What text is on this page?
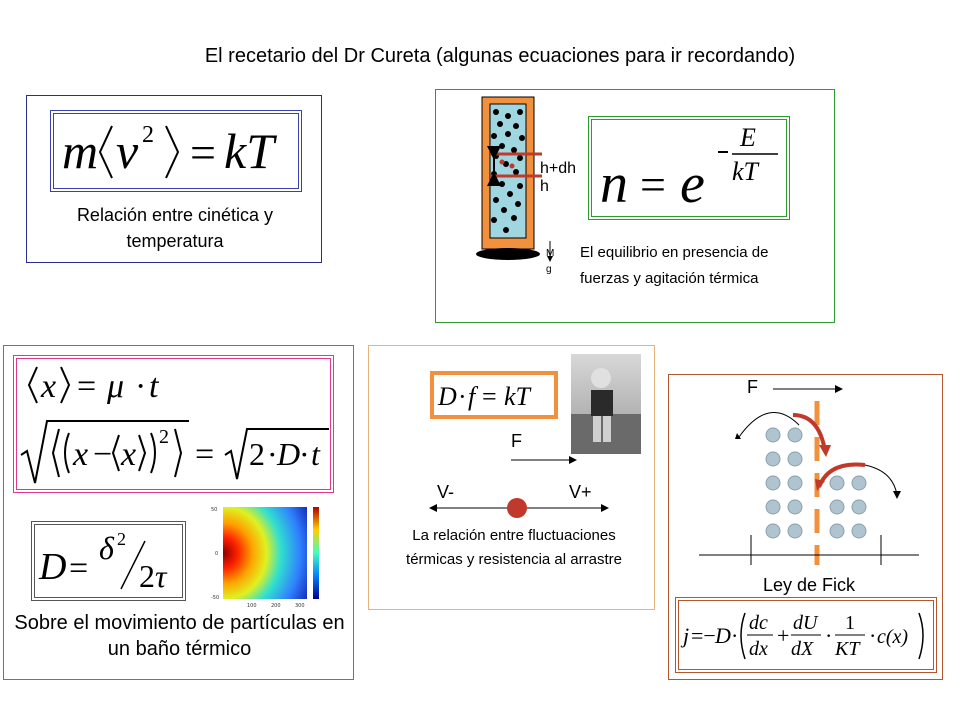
El recetario del Dr Cureta (algunas ecuaciones para ir recordando)
m v 2 = kT
Relación entre cinética y temperatura
h+dh
h
M
g
n = e
E
kT
El equilibrio en presencia de fuerzas y agitación térmica
x = μ · t
x − x 2 = 2 · D
· t
D =
δ 2
2 τ
50
0
-50
100	200	300
Sobre el movimiento de partículas en un baño térmico
D · f = kT
F
V-	V+
La relación entre fluctuaciones térmicas y resistencia al arrastre
F
Ley de Fick
j =− D · dc
dx
+ dU
dX
· 1
KT
· c(x)
